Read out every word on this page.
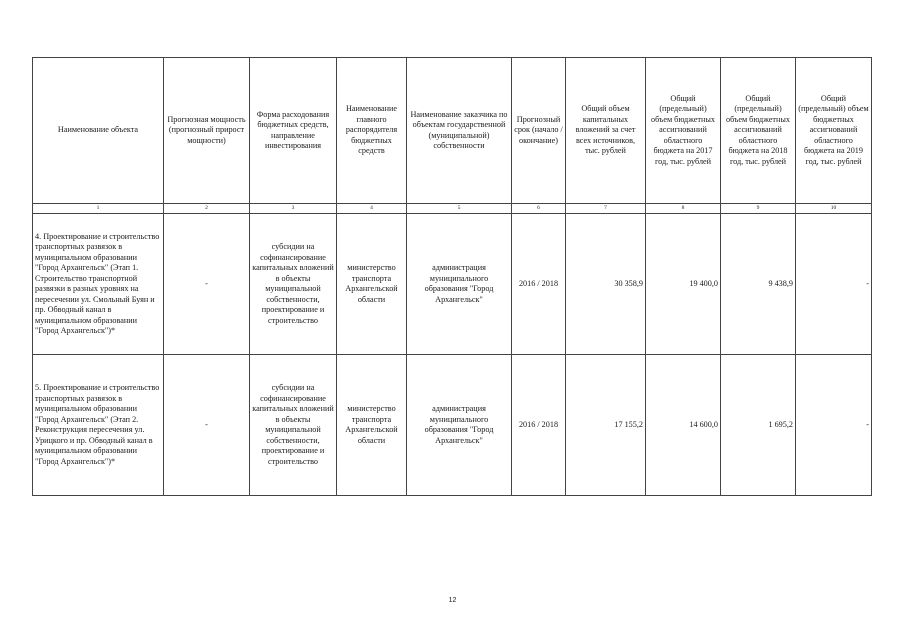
Наименование объекта	Прогнозная мощность (прогнозный прирост мощности)	Форма расходования бюджетных средств, направление инвестирования	Наименование главного распорядителя бюджетных средств	Наименование заказчика по объектам государственной (муниципальной) собственности	Прогнозный срок (начало / окончание)	Общий объем капитальных вложений за счет всех источников, тыс. рублей	Общий (предельный) объем бюджетных ассигнований областного бюджета на 2017 год, тыс. рублей	Общий (предельный) объем бюджетных ассигнований областного бюджета на 2018 год, тыс. рублей	Общий (предельный) объем бюджетных ассигнований областного бюджета на 2019 год, тыс. рублей
1	2	3	4	5	6	7	8	9	10
4. Проектирование и строительство транспортных развязок в муниципальном образовании "Город Архангельск" (Этап 1. Строительство транспортной развязки в разных уровнях на пересечении ул. Смольный Буян и пр. Обводный канал в муниципальном образовании "Город Архангельск")*	-	субсидии на софинансирование капитальных вложений в объекты муниципальной собственности, проектирование и строительство	министерство транспорта Архангельской области	администрация муниципального образования "Город Архангельск"	2016 / 2018	30 358,9	19 400,0	9 438,9	-
5. Проектирование и строительство транспортных развязок в муниципальном образовании "Город Архангельск" (Этап 2. Реконструкция пересечения ул. Урицкого и пр. Обводный канал в муниципальном образовании "Город Архангельск")*	-	субсидии на софинансирование капитальных вложений в объекты муниципальной собственности, проектирование и строительство	министерство транспорта Архангельской области	администрация муниципального образования "Город Архангельск"	2016 / 2018	17 155,2	14 600,0	1 695,2	-
12
